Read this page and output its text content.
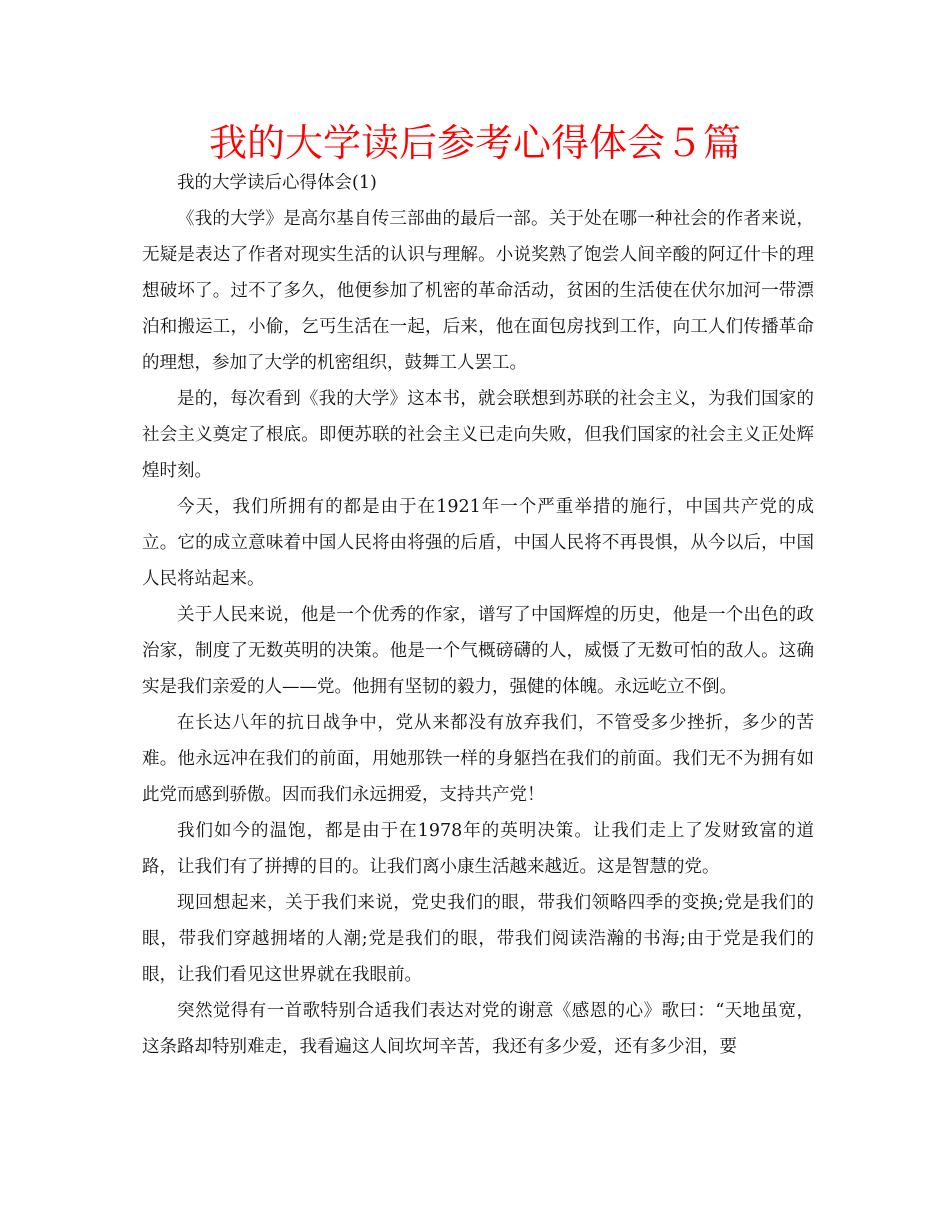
我的大学读后参考心得体会５篇

我的大学读后心得体会(1)

《我的大学》是高尔基自传三部曲的最后一部。关于处在哪一种社会的作者来说，无疑是表达了作者对现实生活的认识与理解。小说奖熟了饱尝人间辛酸的阿辽什卡的理想破坏了。过不了多久，他便参加了机密的革命活动，贫困的生活使在伏尔加河一带漂泊和搬运工，小偷，乞丐生活在一起，后来，他在面包房找到工作，向工人们传播革命的理想，参加了大学的机密组织，鼓舞工人罢工。

是的，每次看到《我的大学》这本书，就会联想到苏联的社会主义，为我们国家的社会主义奠定了根底。即便苏联的社会主义已走向失败，但我们国家的社会主义正处辉煌时刻。

今天，我们所拥有的都是由于在1921年一个严重举措的施行，中国共产党的成立。它的成立意味着中国人民将由将强的后盾，中国人民将不再畏惧，从今以后，中国人民将站起来。

关于人民来说，他是一个优秀的作家，谱写了中国辉煌的历史，他是一个出色的政治家，制度了无数英明的决策。他是一个气概磅礴的人，威慑了无数可怕的敌人。这确实是我们亲爱的人——党。他拥有坚韧的毅力，强健的体魄。永远屹立不倒。

在长达八年的抗日战争中，党从来都没有放弃我们，不管受多少挫折，多少的苦难。他永远冲在我们的前面，用她那铁一样的身躯挡在我们的前面。我们无不为拥有如此党而感到骄傲。因而我们永远拥爱，支持共产党！

我们如今的温饱，都是由于在1978年的英明决策。让我们走上了发财致富的道路，让我们有了拼搏的目的。让我们离小康生活越来越近。这是智慧的党。

现回想起来，关于我们来说，党史我们的眼，带我们领略四季的变换;党是我们的眼，带我们穿越拥堵的人潮;党是我们的眼，带我们阅读浩瀚的书海;由于党是我们的眼，让我们看见这世界就在我眼前。

突然觉得有一首歌特别合适我们表达对党的谢意《感恩的心》歌曰：“天地虽宽，这条路却特别难走，我看遍这人间坎坷辛苦，我还有多少爱，还有多少泪，要
